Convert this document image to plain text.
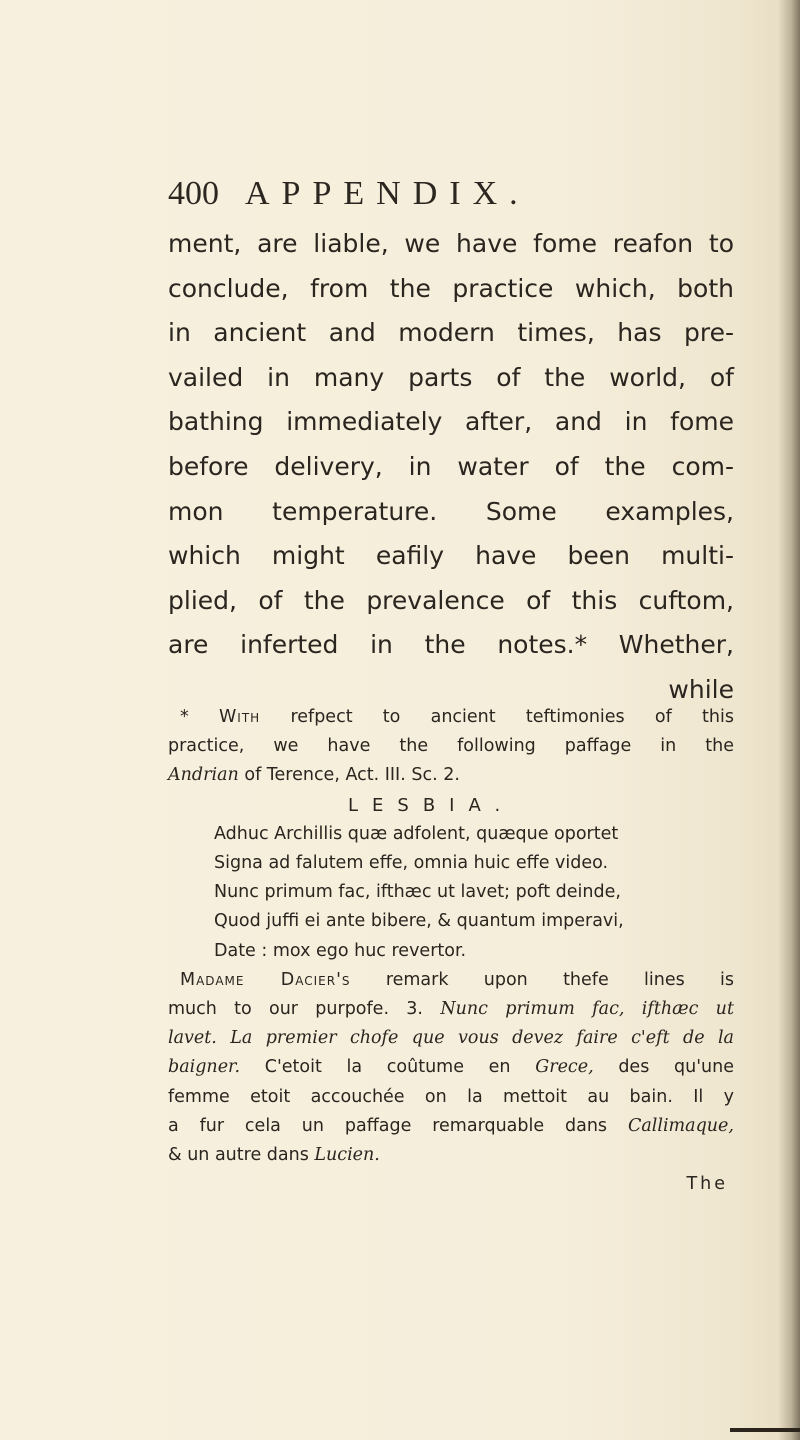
400 APPENDIX.
ment, are liable, we have fome reafon to
conclude, from the practice which, both
in ancient and modern times, has pre-
vailed in many parts of the world, of
bathing immediately after, and in fome
before delivery, in water of the com-
mon temperature. Some examples,
which might eafily have been multi-
plied, of the prevalence of this cuftom,
are inferted in the notes.* Whether,
while
* With refpect to ancient teftimonies of this
practice, we have the following paffage in the
Andrian of Terence, Act. III. Sc. 2.
LESBIA.
Adhuc Archillis quæ adfolent, quæque oportet
Signa ad falutem effe, omnia huic effe video.
Nunc primum fac, ifthæc ut lavet; poft deinde,
Quod juffi ei ante bibere, & quantum imperavi,
Date : mox ego huc revertor.
Madame Dacier's remark upon thefe lines is
much to our purpofe. 3. Nunc primum fac, ifthæc ut
lavet. La premier chofe que vous devez faire c'eft de la
baigner. C'etoit la coûtume en Grece, des qu'une
femme etoit accouchée on la mettoit au bain. Il y
a fur cela un paffage remarquable dans Callimaque,
& un autre dans Lucien.
The
